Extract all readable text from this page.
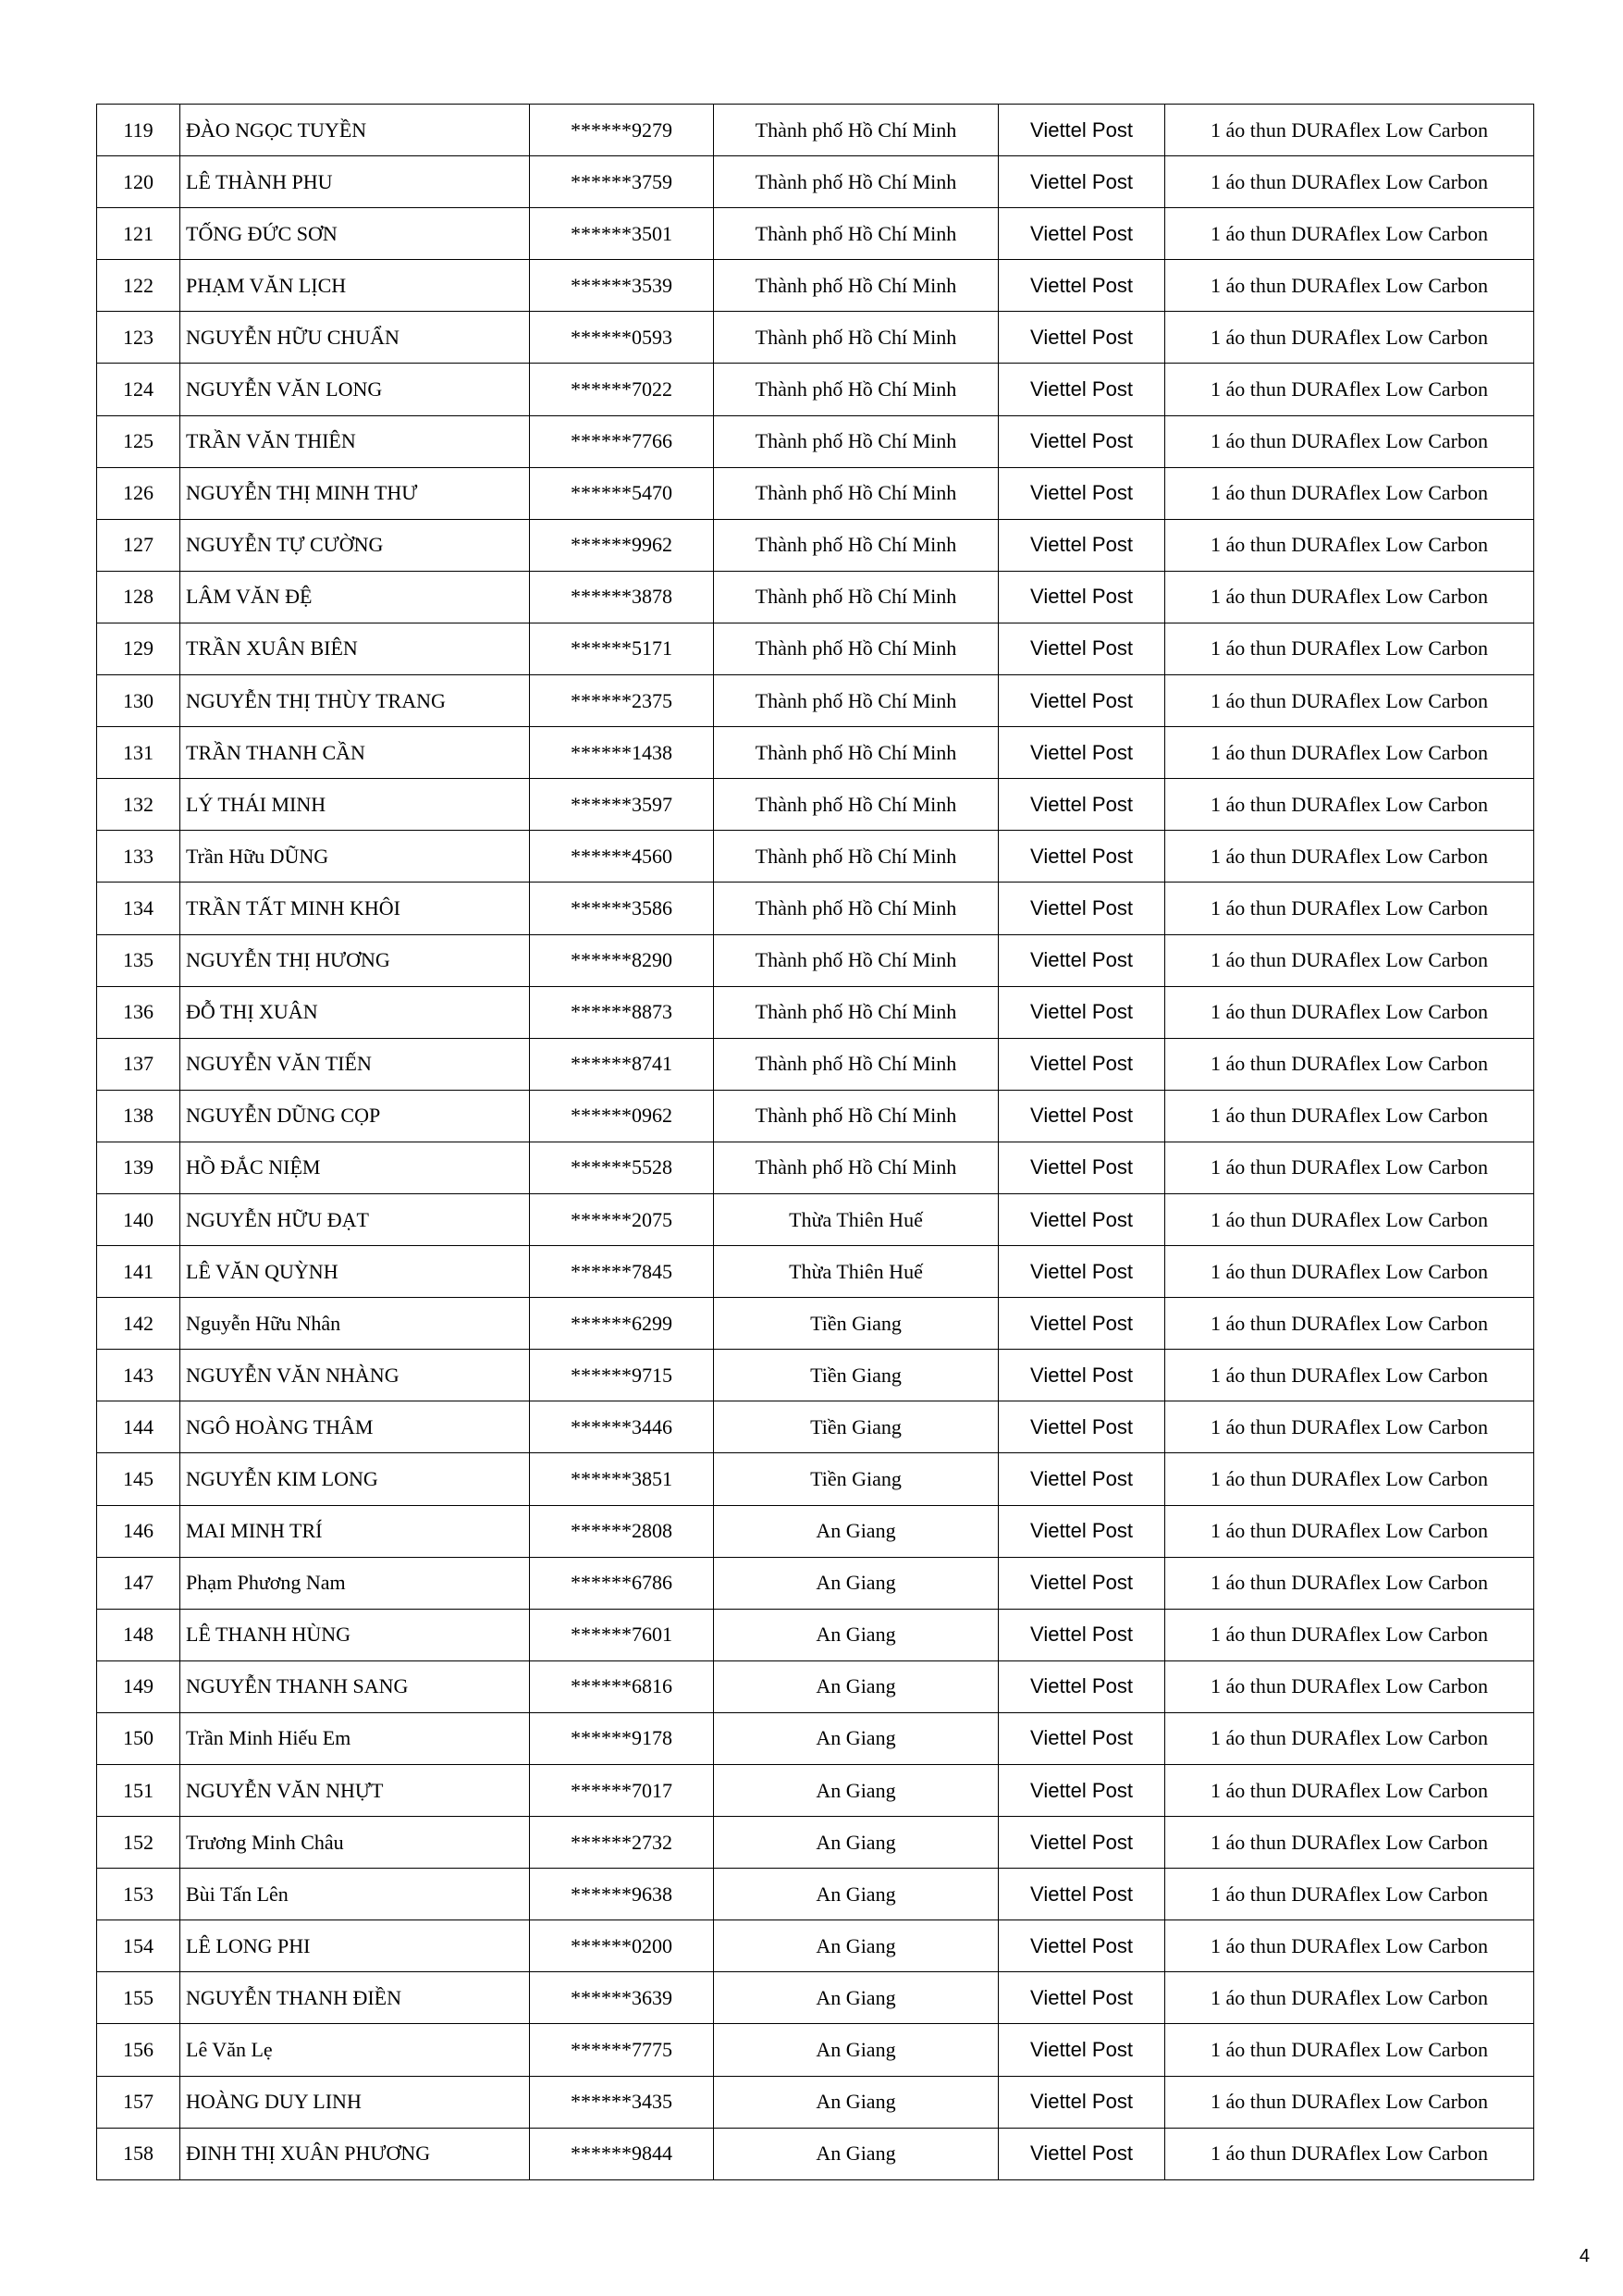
119	ĐÀO NGỌC TUYỀN	******9279	Thành phố Hồ Chí Minh	Viettel Post	1 áo thun DURAflex Low Carbon
120	LÊ THÀNH PHU	******3759	Thành phố Hồ Chí Minh	Viettel Post	1 áo thun DURAflex Low Carbon
121	TỐNG ĐỨC SƠN	******3501	Thành phố Hồ Chí Minh	Viettel Post	1 áo thun DURAflex Low Carbon
122	PHẠM VĂN LỊCH	******3539	Thành phố Hồ Chí Minh	Viettel Post	1 áo thun DURAflex Low Carbon
123	NGUYỄN HỮU CHUẨN	******0593	Thành phố Hồ Chí Minh	Viettel Post	1 áo thun DURAflex Low Carbon
124	NGUYỄN VĂN LONG	******7022	Thành phố Hồ Chí Minh	Viettel Post	1 áo thun DURAflex Low Carbon
125	TRẦN VĂN THIÊN	******7766	Thành phố Hồ Chí Minh	Viettel Post	1 áo thun DURAflex Low Carbon
126	NGUYỄN THỊ MINH THƯ	******5470	Thành phố Hồ Chí Minh	Viettel Post	1 áo thun DURAflex Low Carbon
127	NGUYỄN TỰ CƯỜNG	******9962	Thành phố Hồ Chí Minh	Viettel Post	1 áo thun DURAflex Low Carbon
128	LÂM VĂN ĐỆ	******3878	Thành phố Hồ Chí Minh	Viettel Post	1 áo thun DURAflex Low Carbon
129	TRẦN XUÂN BIÊN	******5171	Thành phố Hồ Chí Minh	Viettel Post	1 áo thun DURAflex Low Carbon
130	NGUYỄN THỊ THÙY TRANG	******2375	Thành phố Hồ Chí Minh	Viettel Post	1 áo thun DURAflex Low Carbon
131	TRẦN THANH CẦN	******1438	Thành phố Hồ Chí Minh	Viettel Post	1 áo thun DURAflex Low Carbon
132	LÝ THÁI MINH	******3597	Thành phố Hồ Chí Minh	Viettel Post	1 áo thun DURAflex Low Carbon
133	Trần Hữu DŨNG	******4560	Thành phố Hồ Chí Minh	Viettel Post	1 áo thun DURAflex Low Carbon
134	TRẦN TẤT MINH KHÔI	******3586	Thành phố Hồ Chí Minh	Viettel Post	1 áo thun DURAflex Low Carbon
135	NGUYỄN THỊ HƯƠNG	******8290	Thành phố Hồ Chí Minh	Viettel Post	1 áo thun DURAflex Low Carbon
136	ĐỖ THỊ XUÂN	******8873	Thành phố Hồ Chí Minh	Viettel Post	1 áo thun DURAflex Low Carbon
137	NGUYỄN VĂN TIẾN	******8741	Thành phố Hồ Chí Minh	Viettel Post	1 áo thun DURAflex Low Carbon
138	NGUYỄN DŨNG CỌP	******0962	Thành phố Hồ Chí Minh	Viettel Post	1 áo thun DURAflex Low Carbon
139	HỒ ĐẮC NIỆM	******5528	Thành phố Hồ Chí Minh	Viettel Post	1 áo thun DURAflex Low Carbon
140	NGUYỄN HỮU ĐẠT	******2075	Thừa Thiên Huế	Viettel Post	1 áo thun DURAflex Low Carbon
141	LÊ VĂN QUỲNH	******7845	Thừa Thiên Huế	Viettel Post	1 áo thun DURAflex Low Carbon
142	Nguyễn Hữu Nhân	******6299	Tiền Giang	Viettel Post	1 áo thun DURAflex Low Carbon
143	NGUYỄN VĂN NHÀNG	******9715	Tiền Giang	Viettel Post	1 áo thun DURAflex Low Carbon
144	NGÔ HOÀNG THÂM	******3446	Tiền Giang	Viettel Post	1 áo thun DURAflex Low Carbon
145	NGUYỄN KIM LONG	******3851	Tiền Giang	Viettel Post	1 áo thun DURAflex Low Carbon
146	MAI MINH TRÍ	******2808	An Giang	Viettel Post	1 áo thun DURAflex Low Carbon
147	Phạm Phương Nam	******6786	An Giang	Viettel Post	1 áo thun DURAflex Low Carbon
148	LÊ THANH HÙNG	******7601	An Giang	Viettel Post	1 áo thun DURAflex Low Carbon
149	NGUYỄN THANH SANG	******6816	An Giang	Viettel Post	1 áo thun DURAflex Low Carbon
150	Trần Minh Hiếu Em	******9178	An Giang	Viettel Post	1 áo thun DURAflex Low Carbon
151	NGUYỄN VĂN NHỰT	******7017	An Giang	Viettel Post	1 áo thun DURAflex Low Carbon
152	Trương Minh Châu	******2732	An Giang	Viettel Post	1 áo thun DURAflex Low Carbon
153	Bùi Tấn Lên	******9638	An Giang	Viettel Post	1 áo thun DURAflex Low Carbon
154	LÊ LONG PHI	******0200	An Giang	Viettel Post	1 áo thun DURAflex Low Carbon
155	NGUYỄN THANH ĐIỀN	******3639	An Giang	Viettel Post	1 áo thun DURAflex Low Carbon
156	Lê Văn Lẹ	******7775	An Giang	Viettel Post	1 áo thun DURAflex Low Carbon
157	HOÀNG DUY LINH	******3435	An Giang	Viettel Post	1 áo thun DURAflex Low Carbon
158	ĐINH THỊ XUÂN PHƯƠNG	******9844	An Giang	Viettel Post	1 áo thun DURAflex Low Carbon
4
